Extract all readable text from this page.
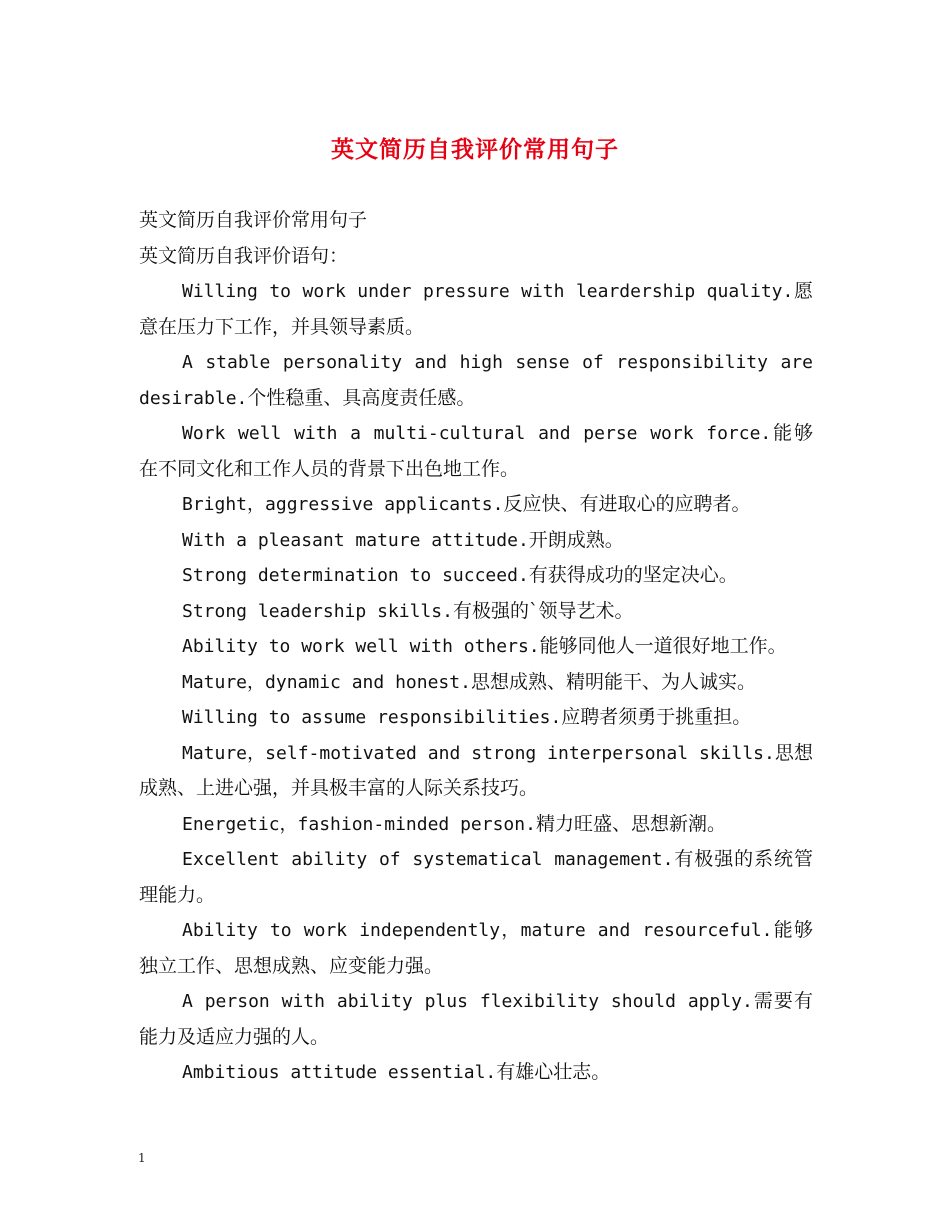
英文简历自我评价常用句子

英文简历自我评价常用句子

英文简历自我评价语句：

Willing to work under pressure with leardership quality.愿意在压力下工作，并具领导素质。

A stable personality and high sense of responsibility are desirable.个性稳重、具高度责任感。

Work well with a multi-cultural and perse work force.能够在不同文化和工作人员的背景下出色地工作。

Bright，aggressive applicants.反应快、有进取心的应聘者。

With a pleasant mature attitude.开朗成熟。

Strong determination to succeed.有获得成功的坚定决心。

Strong leadership skills.有极强的`领导艺术。

Ability to work well with others.能够同他人一道很好地工作。

Mature，dynamic and honest.思想成熟、精明能干、为人诚实。

Willing to assume responsibilities.应聘者须勇于挑重担。

Mature，self-motivated and strong interpersonal skills.思想成熟、上进心强，并具极丰富的人际关系技巧。

Energetic，fashion-minded person.精力旺盛、思想新潮。

Excellent ability of systematical management.有极强的系统管理能力。

Ability to work independently，mature and resourceful.能够独立工作、思想成熟、应变能力强。

A person with ability plus flexibility should apply.需要有能力及适应力强的人。

Ambitious attitude essential.有雄心壮志。

1
